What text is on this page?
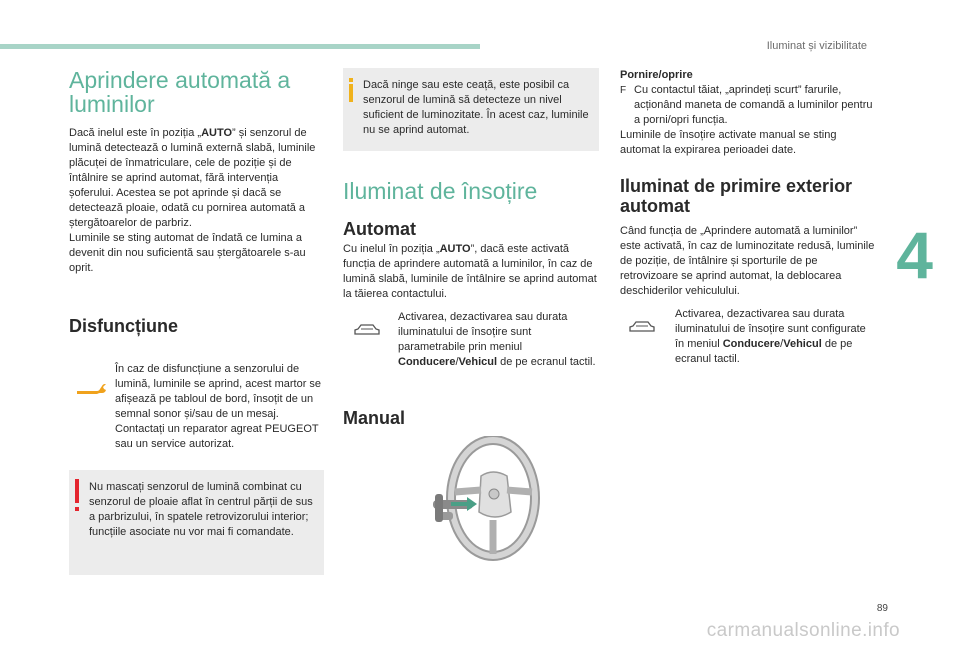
Iluminat și vizibilitate
4
89
carmanualsonline.info
Aprindere automată a
luminilor

Dacă inelul este în poziția „AUTO” și senzorul de lumină detectează o lumină externă slabă, luminile plăcuței de înmatriculare, cele de poziție și de întâlnire se aprind automat, fără intervenția șoferului. Acestea se pot aprinde și dacă se detectează ploaie, odată cu pornirea automată a ștergătoarelor de parbriz.

Luminile se sting automat de îndată ce lumina a devenit din nou suficientă sau ștergătoarele s-au oprit.

Disfuncțiune

În caz de disfuncțiune a senzorului de lumină, luminile se aprind, acest martor se afișează pe tabloul de bord, însoțit de un semnal sonor și/sau de un mesaj.

Contactați un reparator agreat PEUGEOT sau un service autorizat.

Nu mascați senzorul de lumină combinat cu senzorul de ploaie aflat în centrul părții de sus a parbrizului, în spatele retrovizorului interior; funcțiile asociate nu vor mai fi comandate.

Dacă ninge sau este ceață, este posibil ca senzorul de lumină să detecteze un nivel suficient de luminozitate. În acest caz, luminile nu se aprind automat.

Iluminat de însoțire
Automat

Cu inelul în poziția „AUTO”, dacă este activată funcția de aprindere automată a luminilor, în caz de lumină slabă, luminile de întâlnire se aprind automat la tăierea contactului.

Activarea, dezactivarea sau durata iluminatului de însoțire sunt parametrabile prin meniul Conducere/Vehicul de pe ecranul tactil.

Manual

Pornire/oprire

F Cu contactul tăiat, „aprindeți scurt” farurile, acționând maneta de comandă a luminilor pentru a porni/opri funcția.

Luminile de însoțire activate manual se sting automat la expirarea perioadei date.

Iluminat de primire exterior
automat

Când funcția de „Aprindere automată a luminilor” este activată, în caz de luminozitate redusă, luminile de poziție, de întâlnire și sporturile de pe retrovizoare se aprind automat, la deblocarea deschiderilor vehiculului.

Activarea, dezactivarea sau durata iluminatului de însoțire sunt configurate în meniul Conducere/Vehicul de pe ecranul tactil.
